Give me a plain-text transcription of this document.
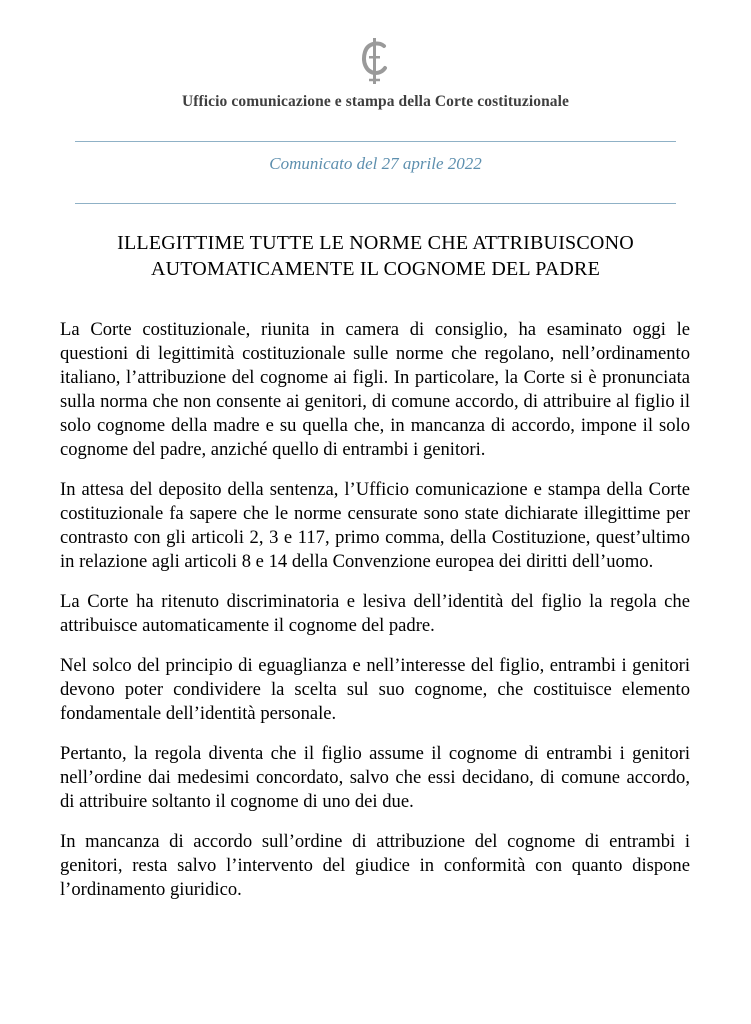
Ufficio comunicazione e stampa della Corte costituzionale
Comunicato del 27 aprile 2022
ILLEGITTIME TUTTE LE NORME CHE ATTRIBUISCONO
AUTOMATICAMENTE IL COGNOME DEL PADRE

La Corte costituzionale, riunita in camera di consiglio, ha esaminato oggi le questioni di legittimità costituzionale sulle norme che regolano, nell’ordinamento italiano, l’attribuzione del cognome ai figli. In particolare, la Corte si è pronunciata sulla norma che non consente ai genitori, di comune accordo, di attribuire al figlio il solo cognome della madre e su quella che, in mancanza di accordo, impone il solo cognome del padre, anziché quello di entrambi i genitori.

In attesa del deposito della sentenza, l’Ufficio comunicazione e stampa della Corte costituzionale fa sapere che le norme censurate sono state dichiarate illegittime per contrasto con gli articoli 2, 3 e 117, primo comma, della Costituzione, quest’ultimo in relazione agli articoli 8 e 14 della Convenzione europea dei diritti dell’uomo.

La Corte ha ritenuto discriminatoria e lesiva dell’identità del figlio la regola che attribuisce automaticamente il cognome del padre.

Nel solco del principio di eguaglianza e nell’interesse del figlio, entrambi i genitori devono poter condividere la scelta sul suo cognome, che costituisce elemento fondamentale dell’identità personale.

Pertanto, la regola diventa che il figlio assume il cognome di entrambi i genitori nell’ordine dai medesimi concordato, salvo che essi decidano, di comune accordo, di attribuire soltanto il cognome di uno dei due.

In mancanza di accordo sull’ordine di attribuzione del cognome di entrambi i genitori, resta salvo l’intervento del giudice in conformità con quanto dispone l’ordinamento giuridico.
